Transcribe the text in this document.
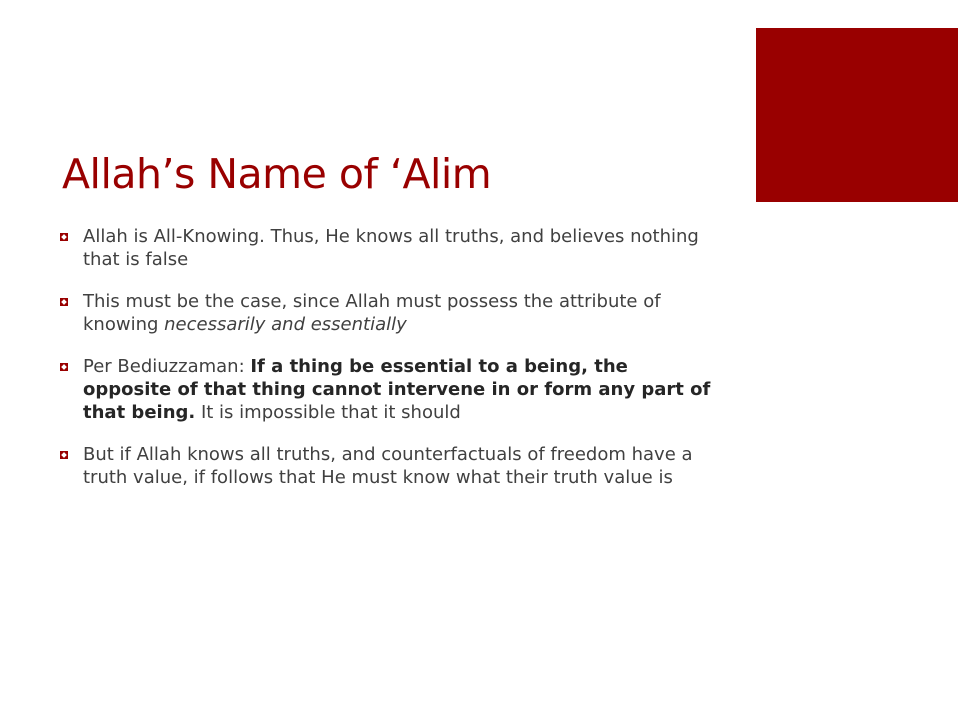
Allah’s Name of ‘Alim
Allah is All-Knowing. Thus, He knows all truths, and believes nothing that is false
This must be the case, since Allah must possess the attribute of knowing necessarily and essentially
Per Bediuzzaman: If a thing be essential to a being, the opposite of that thing cannot intervene in or form any part of that being. It is impossible that it should
But if Allah knows all truths, and counterfactuals of freedom have a truth value, if follows that He must know what their truth value is
